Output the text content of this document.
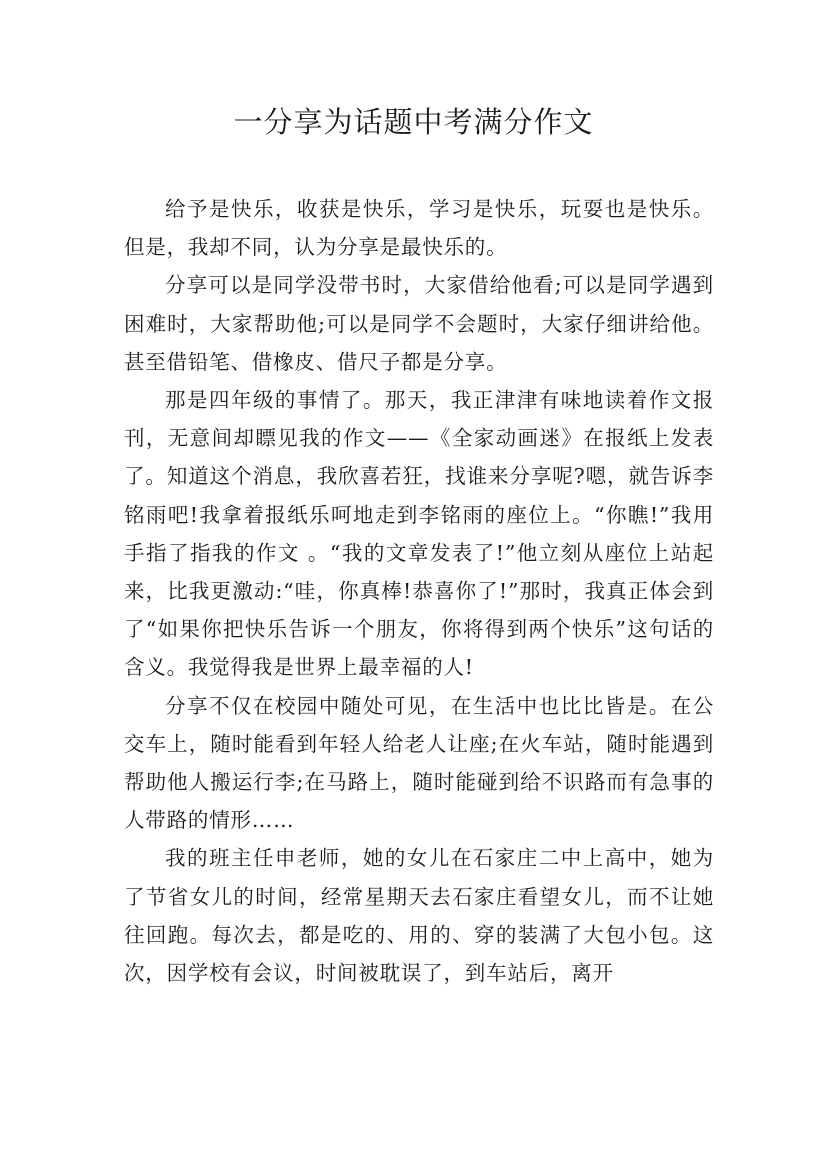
一分享为话题中考满分作文

给予是快乐，收获是快乐，学习是快乐，玩耍也是快乐。但是，我却不同，认为分享是最快乐的。

分享可以是同学没带书时，大家借给他看;可以是同学遇到困难时，大家帮助他;可以是同学不会题时，大家仔细讲给他。甚至借铅笔、借橡皮、借尺子都是分享。

那是四年级的事情了。那天，我正津津有味地读着作文报刊，无意间却瞟见我的作文——《全家动画迷》在报纸上发表了。知道这个消息，我欣喜若狂，找谁来分享呢?嗯，就告诉李铭雨吧!我拿着报纸乐呵地走到李铭雨的座位上。“你瞧!”我用手指了指我的作文 。“我的文章发表了!”他立刻从座位上站起来，比我更激动:“哇，你真棒!恭喜你了!”那时，我真正体会到了“如果你把快乐告诉一个朋友，你将得到两个快乐”这句话的含义。我觉得我是世界上最幸福的人!

分享不仅在校园中随处可见，在生活中也比比皆是。在公交车上，随时能看到年轻人给老人让座;在火车站，随时能遇到帮助他人搬运行李;在马路上，随时能碰到给不识路而有急事的人带路的情形……

我的班主任申老师，她的女儿在石家庄二中上高中，她为了节省女儿的时间，经常星期天去石家庄看望女儿，而不让她往回跑。每次去，都是吃的、用的、穿的装满了大包小包。这次，因学校有会议，时间被耽误了，到车站后，离开
